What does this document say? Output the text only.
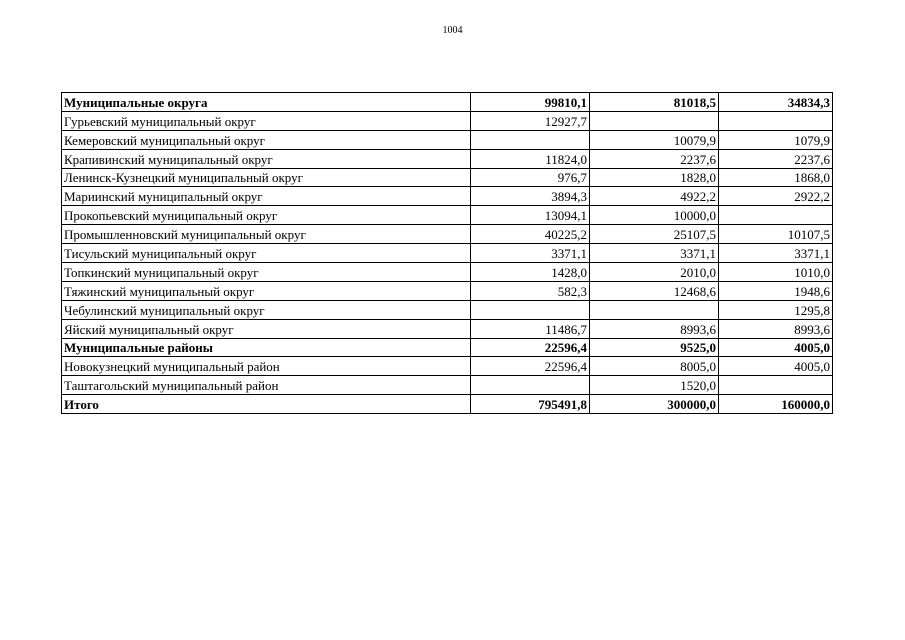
1004
Муниципальные округа	99810,1	81018,5	34834,3
Гурьевский муниципальный округ	12927,7		
Кемеровский муниципальный округ		10079,9	1079,9
Крапивинский муниципальный округ	11824,0	2237,6	2237,6
Ленинск-Кузнецкий муниципальный округ	976,7	1828,0	1868,0
Мариинский муниципальный округ	3894,3	4922,2	2922,2
Прокопьевский муниципальный округ	13094,1	10000,0	
Промышленновский муниципальный округ	40225,2	25107,5	10107,5
Тисульский муниципальный округ	3371,1	3371,1	3371,1
Топкинский муниципальный округ	1428,0	2010,0	1010,0
Тяжинский муниципальный округ	582,3	12468,6	1948,6
Чебулинский муниципальный округ			1295,8
Яйский муниципальный округ	11486,7	8993,6	8993,6
Муниципальные районы	22596,4	9525,0	4005,0
Новокузнецкий муниципальный район	22596,4	8005,0	4005,0
Таштагольский муниципальный район		1520,0	
Итого	795491,8	300000,0	160000,0
